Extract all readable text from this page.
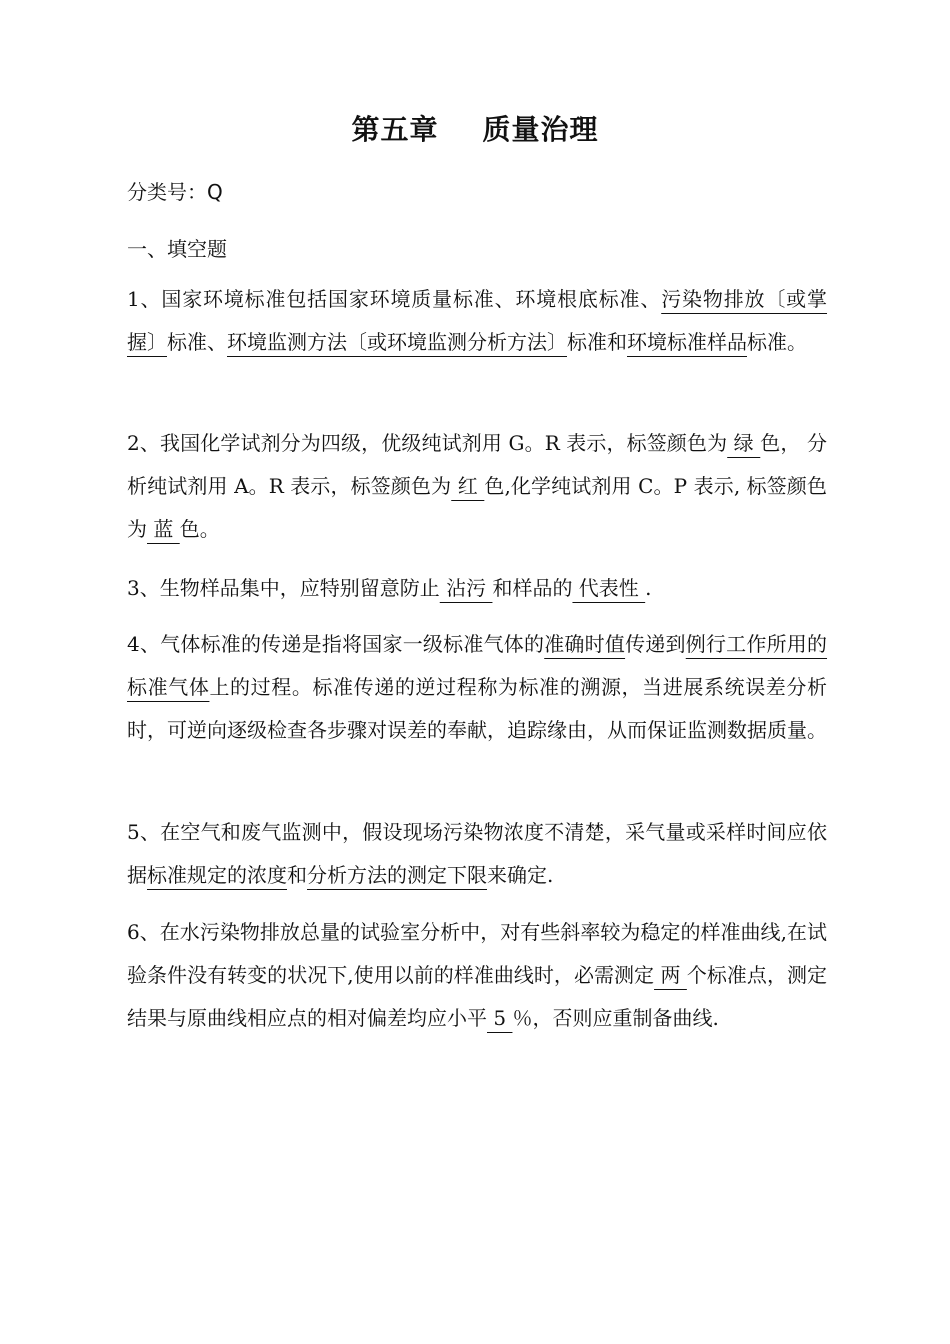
第五章 质量治理
分类号：Q
一、填空题
1、国家环境标准包括国家环境质量标准、环境根底标准、污染物排放〔或掌握〕标准、环境监测方法〔或环境监测分析方法〕标准和环境标准样品标准。
2、我国化学试剂分为四级，优级纯试剂用 G。R 表示，标签颜色为 绿 色， 分析纯试剂用 A。R 表示，标签颜色为 红 色,化学纯试剂用 C。P 表示, 标签颜色为 蓝 色。
3、生物样品集中，应特别留意防止 沾污 和样品的 代表性 .
4、气体标准的传递是指将国家一级标准气体的准确时值传递到例行工作所用的标准气体上的过程。标准传递的逆过程称为标准的溯源，当进展系统误差分析时，可逆向逐级检查各步骤对误差的奉献，追踪缘由，从而保证监测数据质量。
5、在空气和废气监测中，假设现场污染物浓度不清楚，采气量或采样时间应依据标准规定的浓度和分析方法的测定下限来确定.
6、在水污染物排放总量的试验室分析中，对有些斜率较为稳定的样准曲线,在试验条件没有转变的状况下,使用以前的样准曲线时，必需测定 两 个标准点，测定结果与原曲线相应点的相对偏差均应小平 5 ％，否则应重制备曲线.
